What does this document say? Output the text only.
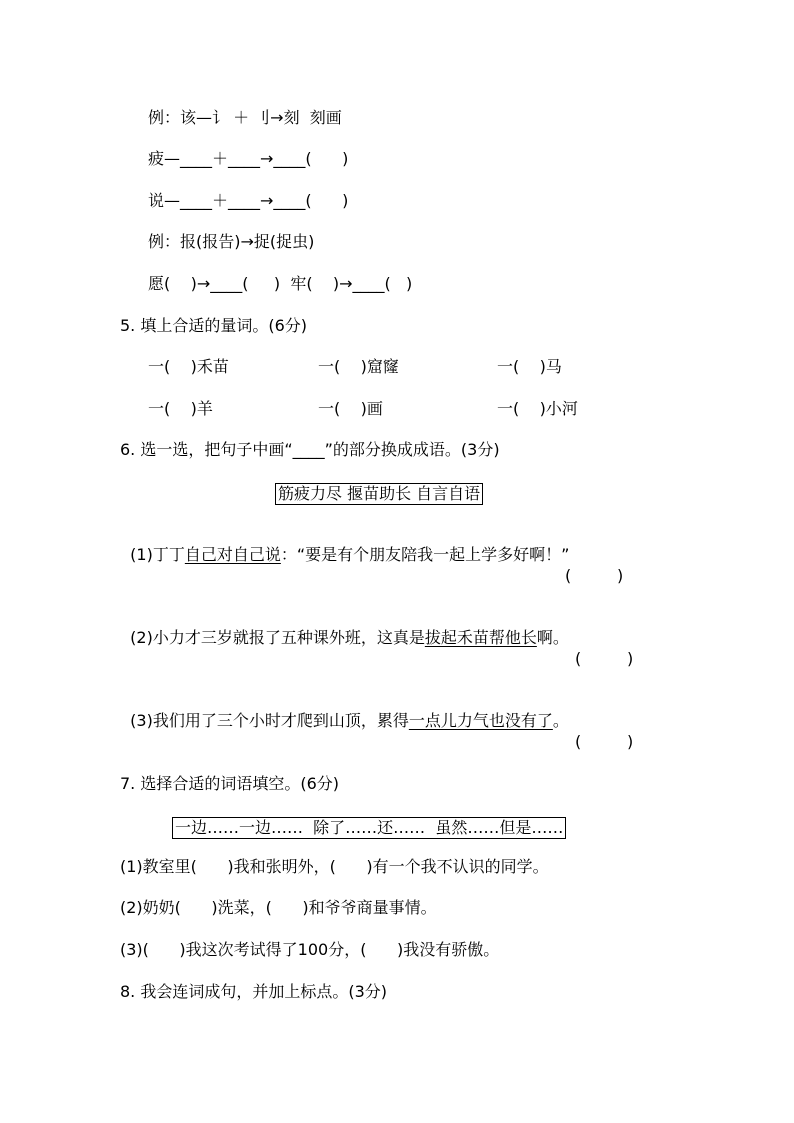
例：该—讠 ＋ 刂→刻  刻画
疲—____＋____→____(      )
说—____＋____→____(      )
例：报(报告)→捉(捉虫)
愿(    )→____(     )  牢(    )→____(   )
5. 填上合适的量词。(6分)
一(    )禾苗	一(    )窟窿	一(    )马
一(    )羊	一(    )画	一(    )小河
6. 选一选，把句子中画“____”的部分换成成语。(3分)
筋疲力尽 揠苗助长 自言自语

(1)丁丁自己对自己说：“要是有个朋友陪我一起上学多好啊！”

(         )

(2)小力才三岁就报了五种课外班，这真是拔起禾苗帮他长啊。

(         )

(3)我们用了三个小时才爬到山顶，累得一点儿力气也没有了。

(         )
7. 选择合适的词语填空。(6分)
一边……一边……  除了……还……  虽然……但是……
(1)教室里(      )我和张明外，(      )有一个我不认识的同学。
(2)奶奶(      )洗菜，(      )和爷爷商量事情。
(3)(      )我这次考试得了100分，(      )我没有骄傲。
8. 我会连词成句，并加上标点。(3分)
